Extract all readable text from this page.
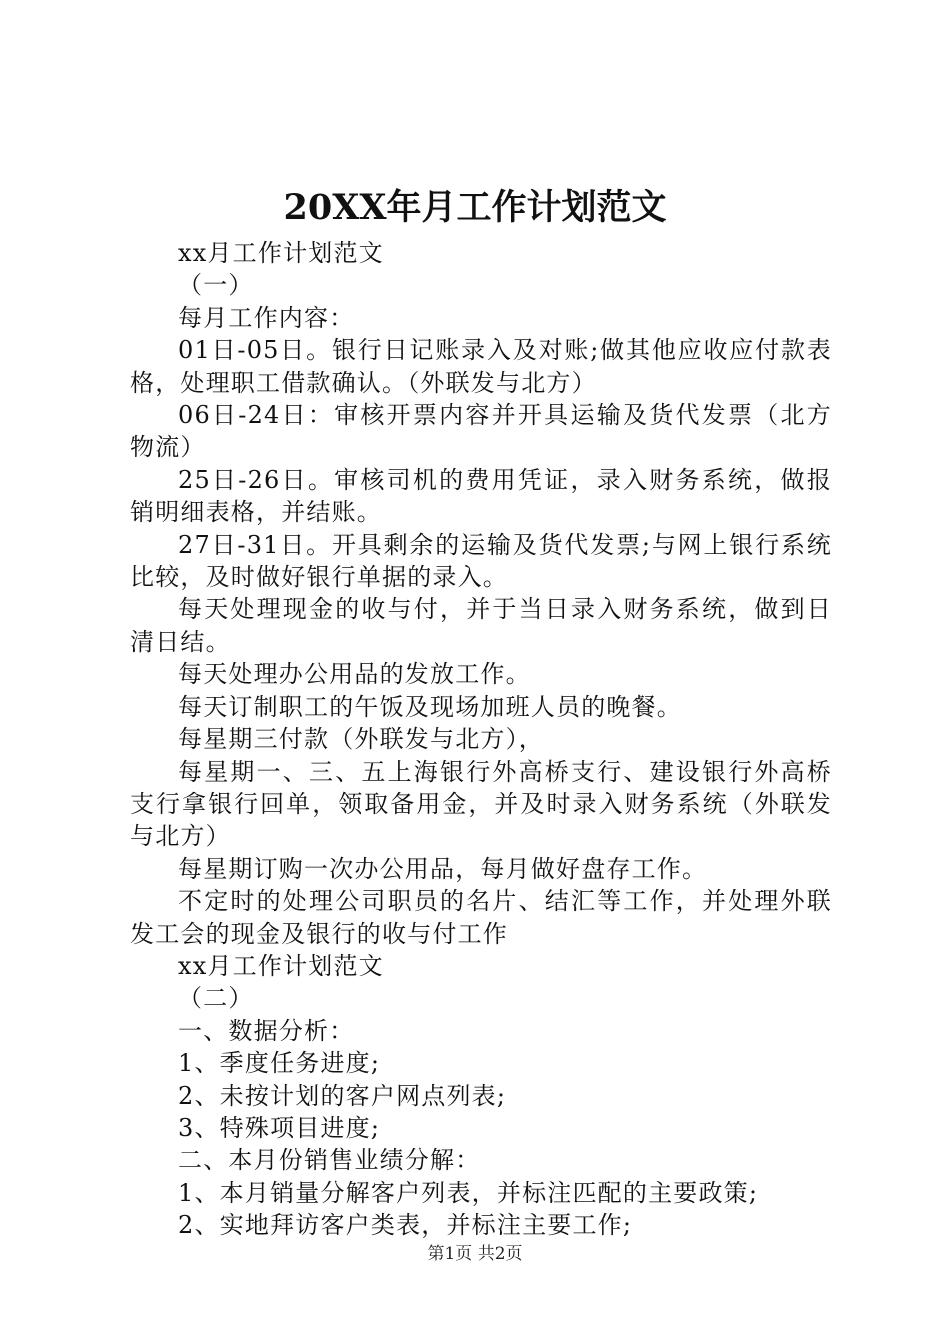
20XX年月工作计划范文

xx月工作计划范文

（一）

每月工作内容：

01日-05日。银行日记账录入及对账;做其他应收应付款表格，处理职工借款确认。（外联发与北方）

06日-24日：审核开票内容并开具运输及货代发票（北方物流）

25日-26日。审核司机的费用凭证，录入财务系统，做报销明细表格，并结账。

27日-31日。开具剩余的运输及货代发票;与网上银行系统比较，及时做好银行单据的录入。

每天处理现金的收与付，并于当日录入财务系统，做到日清日结。

每天处理办公用品的发放工作。

每天订制职工的午饭及现场加班人员的晚餐。

每星期三付款（外联发与北方），

每星期一、三、五上海银行外高桥支行、建设银行外高桥支行拿银行回单，领取备用金，并及时录入财务系统（外联发与北方）

每星期订购一次办公用品，每月做好盘存工作。

不定时的处理公司职员的名片、结汇等工作，并处理外联发工会的现金及银行的收与付工作

xx月工作计划范文

（二）

一、数据分析：

1、季度任务进度;

2、未按计划的客户网点列表;

3、特殊项目进度;

二、本月份销售业绩分解：

1、本月销量分解客户列表，并标注匹配的主要政策;

2、实地拜访客户类表，并标注主要工作;

第1页 共2页
